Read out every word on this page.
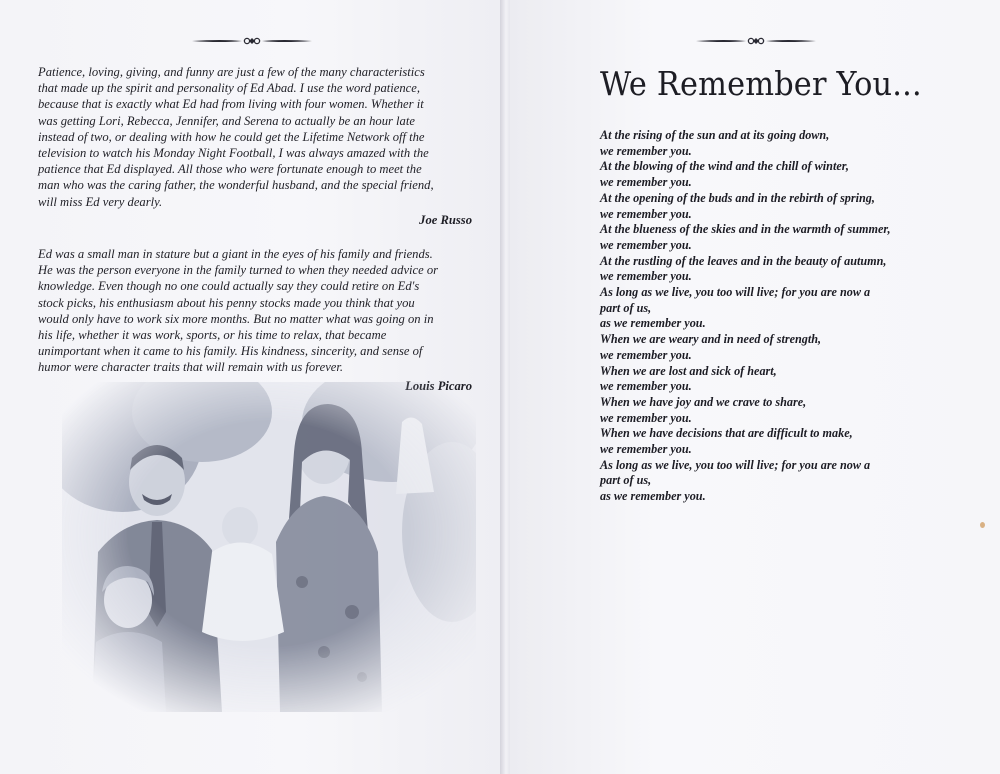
Patience, loving, giving, and funny are just a few of the many characteristics
that made up the spirit and personality of Ed Abad. I use the word patience,
because that is exactly what Ed had from living with four women. Whether it
was getting Lori, Rebecca, Jennifer, and Serena to actually be an hour late
instead of two, or dealing with how he could get the Lifetime Network off the
television to watch his Monday Night Football, I was always amazed with the
patience that Ed displayed. All those who were fortunate enough to meet the
man who was the caring father, the wonderful husband, and the special friend,
will miss Ed very dearly.

Joe Russo

Ed was a small man in stature but a giant in the eyes of his family and friends.
He was the person everyone in the family turned to when they needed advice or
knowledge. Even though no one could actually say they could retire on Ed's
stock picks, his enthusiasm about his penny stocks made you think that you
would only have to work six more months. But no matter what was going on in
his life, whether it was work, sports, or his time to relax, that became
unimportant when it came to his family. His kindness, sincerity, and sense of
humor were character traits that will remain with us forever.

We Remember You...

At the rising of the sun and at its going down,
we remember you.
At the blowing of the wind and the chill of winter,
we remember you.
At the opening of the buds and in the rebirth of spring,
we remember you.
At the blueness of the skies and in the warmth of summer,
we remember you.
At the rustling of the leaves and in the beauty of autumn,
we remember you.
As long as we live, you too will live; for you are now a
part of us,
as we remember you.
When we are weary and in need of strength,
we remember you.
When we are lost and sick of heart,
we remember you.
When we have joy and we crave to share,
we remember you.
When we have decisions that are difficult to make,
we remember you.
As long as we live, you too will live; for you are now a
part of us,
as we remember you.
